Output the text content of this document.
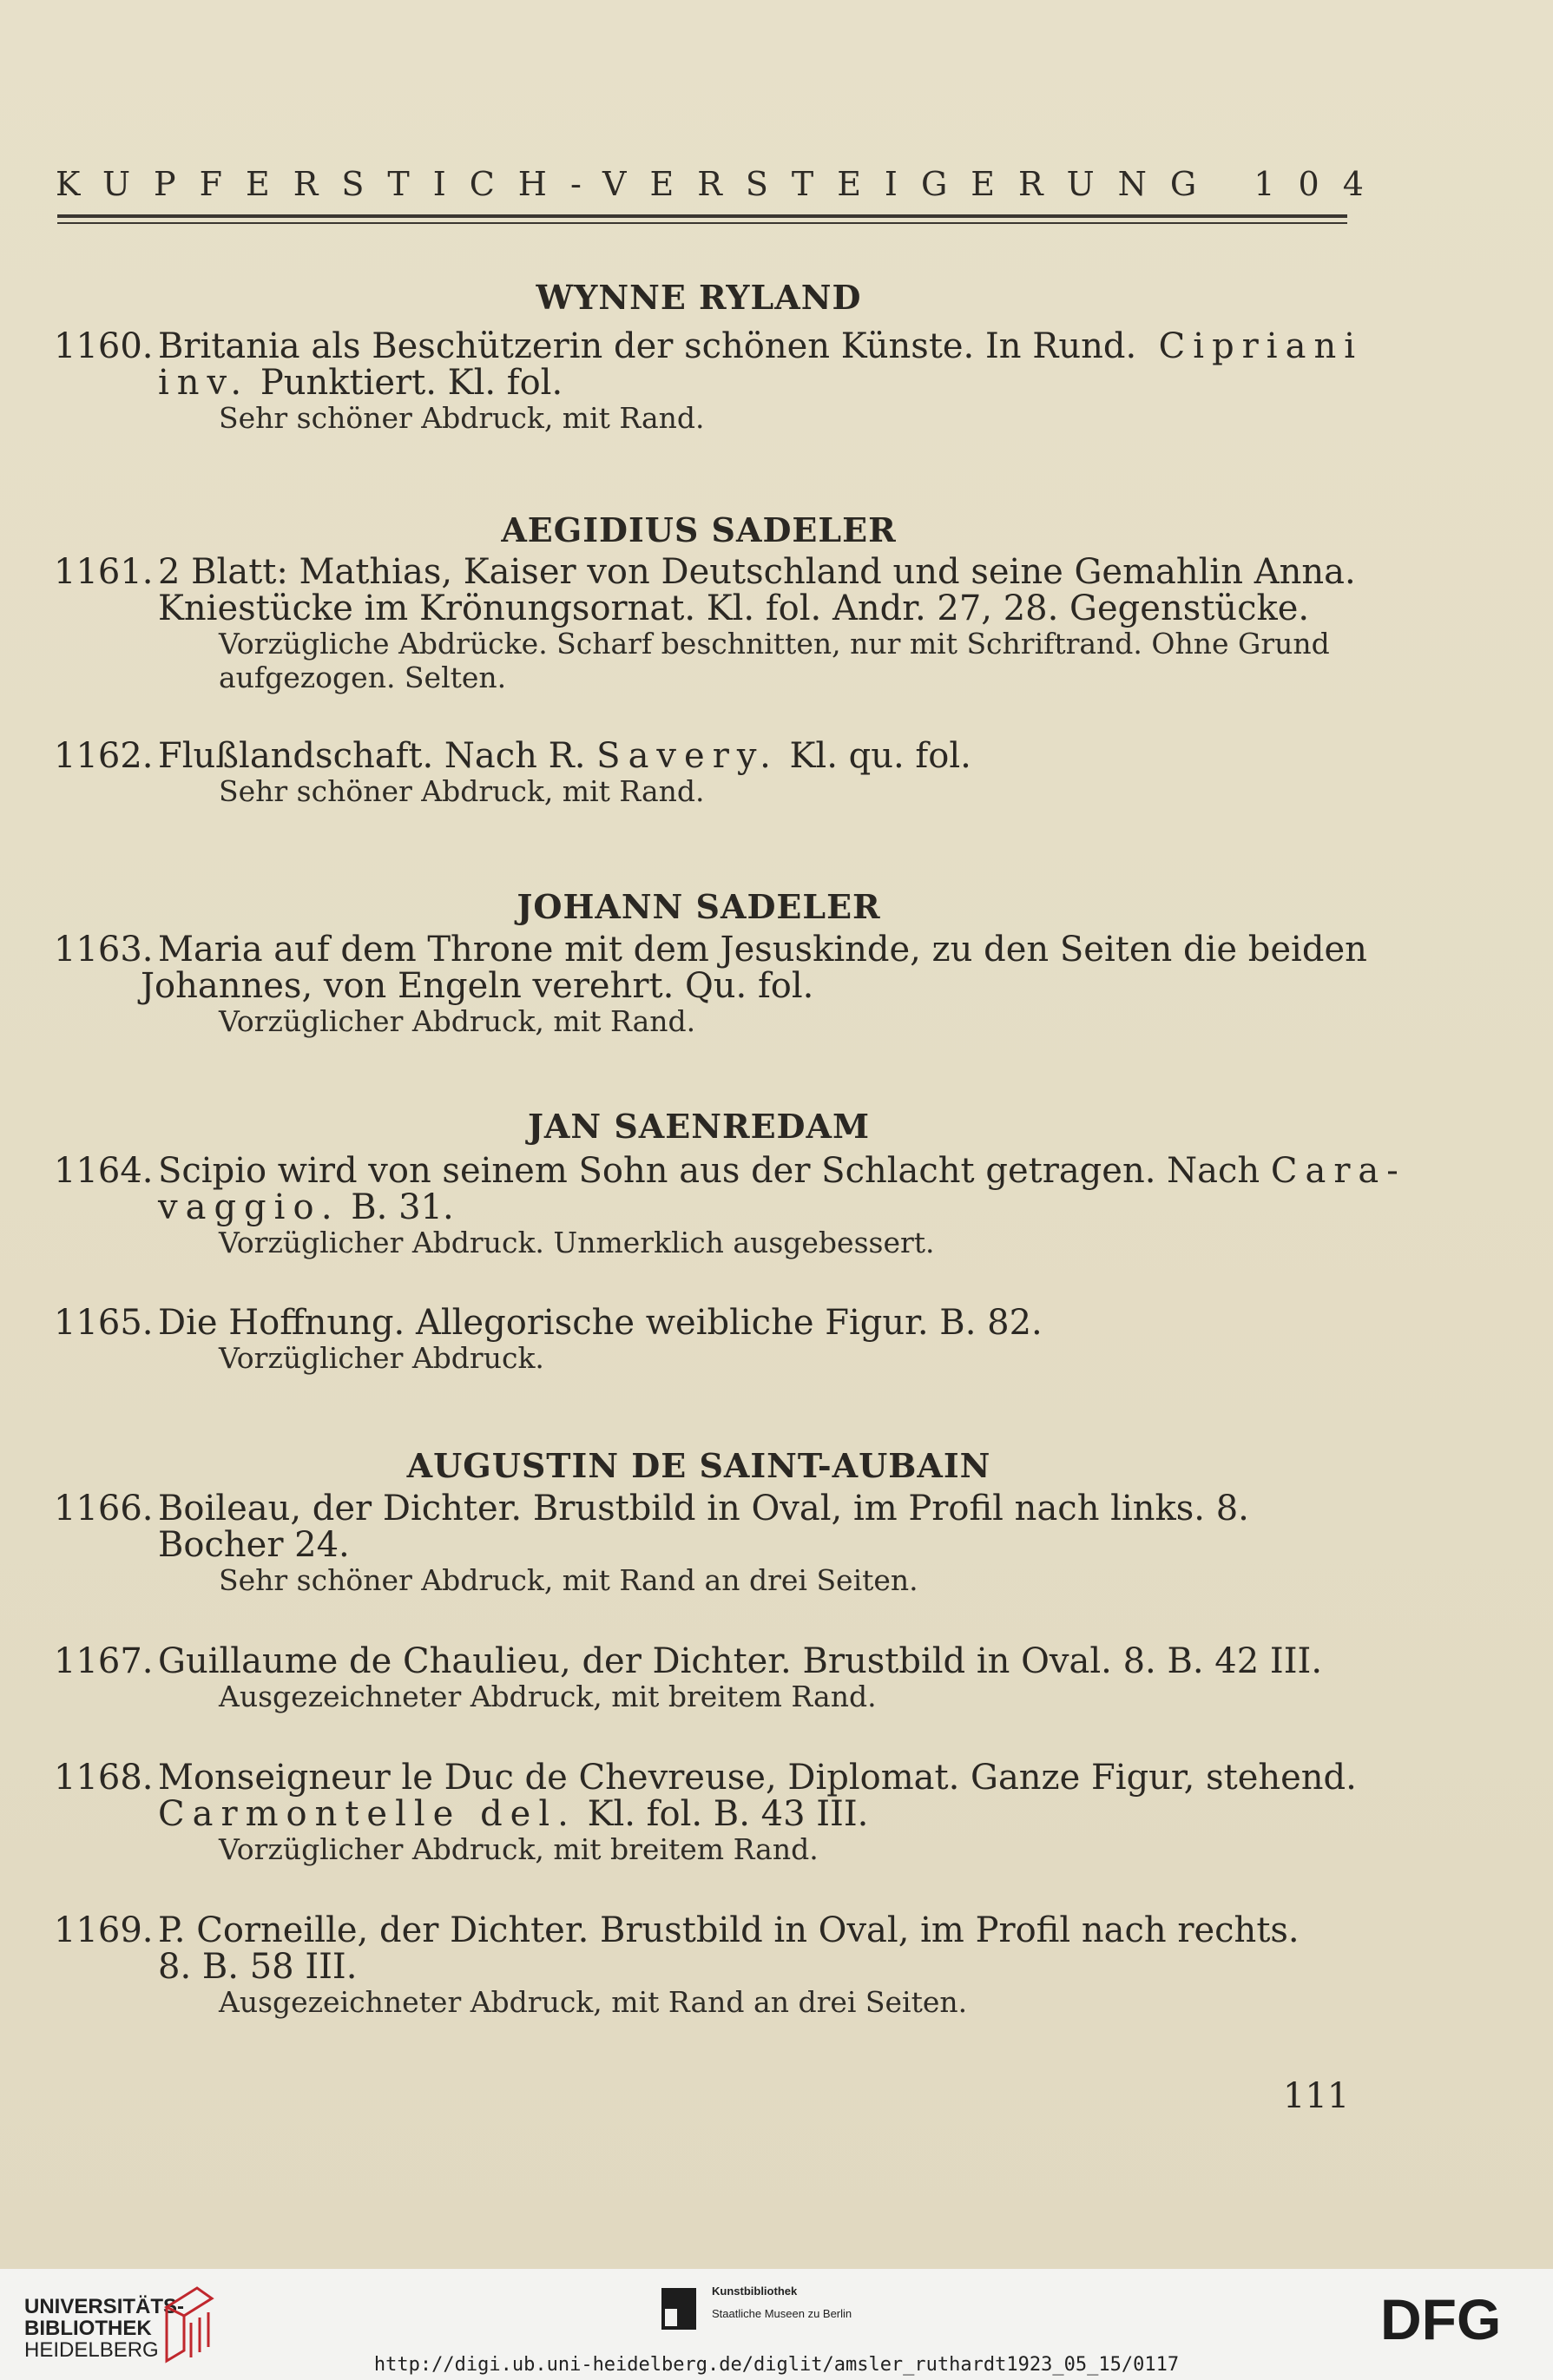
KUPFERSTICH-VERSTEIGERUNG 104
WYNNE RYLAND
1160. Britania als Beschützerin der schönen Künste. In Rund. Cipriani
inv. Punktiert. Kl. fol.
Sehr schöner Abdruck, mit Rand.
AEGIDIUS SADELER
1161. 2 Blatt: Mathias, Kaiser von Deutschland und seine Gemahlin Anna.
Kniestücke im Krönungsornat. Kl. fol. Andr. 27, 28. Gegenstücke.
Vorzügliche Abdrücke. Scharf beschnitten, nur mit Schriftrand. Ohne Grund
aufgezogen. Selten.
1162. Flußlandschaft. Nach R. Savery. Kl. qu. fol.
Sehr schöner Abdruck, mit Rand.
JOHANN SADELER
1163. Maria auf dem Throne mit dem Jesuskinde, zu den Seiten die beiden
Johannes, von Engeln verehrt. Qu. fol.
Vorzüglicher Abdruck, mit Rand.
JAN SAENREDAM
1164. Scipio wird von seinem Sohn aus der Schlacht getragen. Nach Cara-
vaggio. B. 31.
Vorzüglicher Abdruck. Unmerklich ausgebessert.
1165. Die Hoffnung. Allegorische weibliche Figur. B. 82.
Vorzüglicher Abdruck.
AUGUSTIN DE SAINT-AUBAIN
1166. Boileau, der Dichter. Brustbild in Oval, im Profil nach links. 8.
Bocher 24.
Sehr schöner Abdruck, mit Rand an drei Seiten.
1167. Guillaume de Chaulieu, der Dichter. Brustbild in Oval. 8. B. 42 III.
Ausgezeichneter Abdruck, mit breitem Rand.
1168. Monseigneur le Duc de Chevreuse, Diplomat. Ganze Figur, stehend.
Carmontelle del. Kl. fol. B. 43 III.
Vorzüglicher Abdruck, mit breitem Rand.
1169. P. Corneille, der Dichter. Brustbild in Oval, im Profil nach rechts.
8. B. 58 III.
Ausgezeichneter Abdruck, mit Rand an drei Seiten.
111
UNIVERSITÄTS-
BIBLIOTHEK
HEIDELBERG
Kunstbibliothek
Staatliche Museen zu Berlin	DFG
http://digi.ub.uni-heidelberg.de/diglit/amsler_ruthardt1923_05_15/0117
